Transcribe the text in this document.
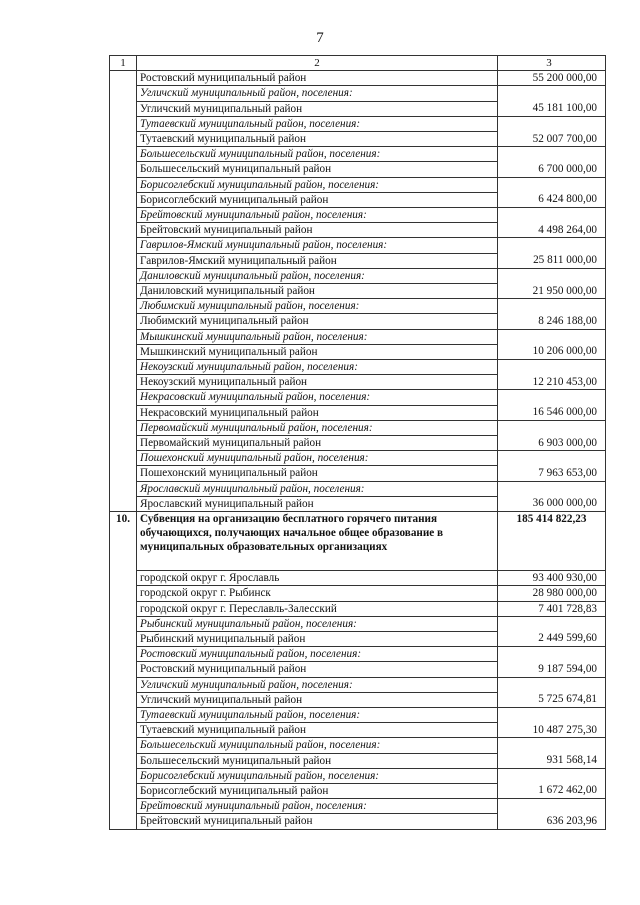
7
1	2	3
	Ростовский муниципальный район	55 200 000,00
	Угличский муниципальный район, поселения:	
	Угличский муниципальный район	45 181 100,00
	Тутаевский муниципальный район, поселения:	
	Тутаевский муниципальный район	52 007 700,00
	Большесельский муниципальный район, поселения:	
	Большесельский муниципальный район	6 700 000,00
	Борисоглебский муниципальный район, поселения:	
	Борисоглебский муниципальный район	6 424 800,00
	Брейтовский муниципальный район, поселения:	
	Брейтовский муниципальный район	4 498 264,00
	Гаврилов-Ямский муниципальный район, поселения:	
	Гаврилов-Ямский муниципальный район	25 811 000,00
	Даниловский муниципальный район, поселения:	
	Даниловский муниципальный район	21 950 000,00
	Любимский муниципальный район, поселения:	
	Любимский муниципальный район	8 246 188,00
	Мышкинский муниципальный район, поселения:	
	Мышкинский муниципальный район	10 206 000,00
	Некоузский муниципальный район, поселения:	
	Некоузский муниципальный район	12 210 453,00
	Некрасовский муниципальный район, поселения:	
	Некрасовский муниципальный район	16 546 000,00
	Первомайский муниципальный район, поселения:	
	Первомайский муниципальный район	6 903 000,00
	Пошехонский муниципальный район, поселения:	
	Пошехонский муниципальный район	7 963 653,00
	Ярославский муниципальный район, поселения:	
	Ярославский муниципальный район	36 000 000,00
10.	Субвенция на организацию бесплатного горячего питания обучающихся, получающих начальное общее образование в муниципальных образовательных организациях	185 414 822,23
	городской округ г. Ярославль	93 400 930,00
	городской округ г. Рыбинск	28 980 000,00
	городской округ г. Переславль-Залесский	7 401 728,83
	Рыбинский муниципальный район, поселения:	
	Рыбинский муниципальный район	2 449 599,60
	Ростовский муниципальный район, поселения:	
	Ростовский муниципальный район	9 187 594,00
	Угличский муниципальный район, поселения:	
	Угличский муниципальный район	5 725 674,81
	Тутаевский муниципальный район, поселения:	
	Тутаевский муниципальный район	10 487 275,30
	Большесельский муниципальный район, поселения:	
	Большесельский муниципальный район	931 568,14
	Борисоглебский муниципальный район, поселения:	
	Борисоглебский муниципальный район	1 672 462,00
	Брейтовский муниципальный район, поселения:	
	Брейтовский муниципальный район	636 203,96
